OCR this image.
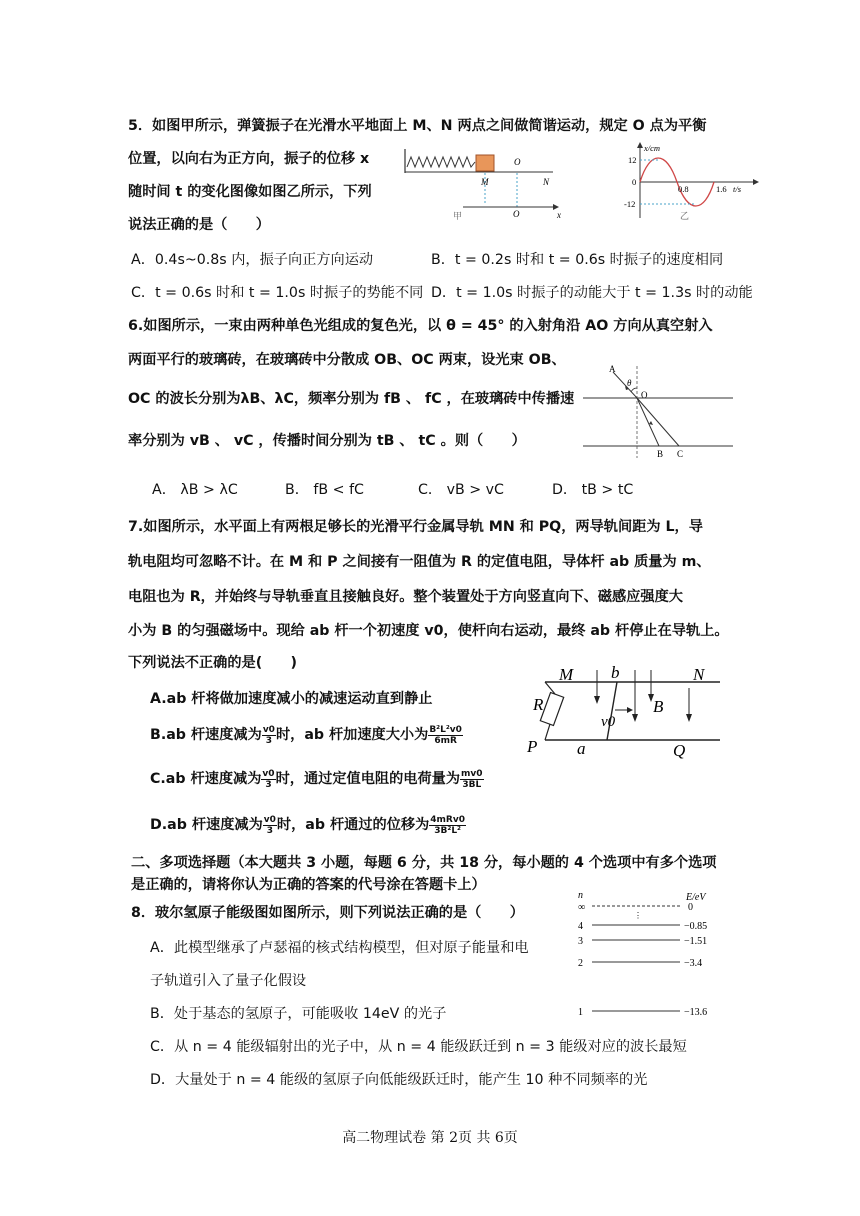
5．如图甲所示，弹簧振子在光滑水平地面上 M、N 两点之间做简谐运动，规定 O 点为平衡
位置，以向右为正方向，振子的位移 x
随时间 t 的变化图像如图乙所示，下列
说法正确的是（　　）
O
M	N
O	x
甲
x/cm
12
0
-12
0.8	1.6 t/s
乙
A．0.4s~0.8s 内，振子向正方向运动	B．t = 0.2s 时和 t = 0.6s 时振子的速度相同
C．t = 0.6s 时和 t = 1.0s 时振子的势能不同 D．t = 1.0s 时振子的动能大于 t = 1.3s 时的动能
6.如图所示，一束由两种单色光组成的复色光，以 θ = 45° 的入射角沿 AO 方向从真空射入
两面平行的玻璃砖，在玻璃砖中分散成 OB、OC 两束，设光束 OB、
OC 的波长分别为λB、λC，频率分别为 fB 、 fC ，在玻璃砖中传播速
率分别为 vB 、 vC ，传播时间分别为 tB 、 tC 。则（　　）
A
θ
O
B C
A． λB > λC	B． fB < fC	C． vB > vC	D． tB > tC
7.如图所示，水平面上有两根足够长的光滑平行金属导轨 MN 和 PQ，两导轨间距为 L，导
轨电阻均可忽略不计。在 M 和 P 之间接有一阻值为 R 的定值电阻，导体杆 ab 质量为 m、
电阻也为 R，并始终与导轨垂直且接触良好。整个装置处于方向竖直向下、磁感应强度大
小为 B 的匀强磁场中。现给 ab 杆一个初速度 v0，使杆向右运动，最终 ab 杆停止在导轨上。
下列说法不正确的是(　　)
A.ab 杆将做加速度减小的减速运动直到静止
B.ab 杆速度减为 $\frac{v0}{3}$ 时，ab 杆加速度大小为 $\frac{\text{B²L²v0}}{6mR}$
C.ab 杆速度减为 $\frac{v0}{3}$ 时，通过定值电阻的电荷量为 $\frac{mv0}{3BL}$
D.ab 杆速度减为 $\frac{v0}{3}$ 时，ab 杆通过的位移为 $\frac{\text{4mRv0}}{\text{3B²L²}}$
M b	N
R	B
v0
P a	Q
二、多项选择题（本大题共 3 小题，每题 6 分，共 18 分，每小题的 4 个选项中有多个选项
是正确的，请将你认为正确的答案的代号涂在答题卡上）
8．玻尔氢原子能级图如图所示，则下列说法正确的是（　　）
A．此模型继承了卢瑟福的核式结构模型，但对原子能量和电
子轨道引入了量子化假设
B．处于基态的氢原子，可能吸收 14eV 的光子
C．从 n = 4 能级辐射出的光子中，从 n = 4 能级跃迁到 n = 3 能级对应的波长最短
D．大量处于 n = 4 能级的氢原子向低能级跃迁时，能产生 10 种不同频率的光
n	E/eV
∞	0
⋮
4	−0.85
3	−1.51
2	−3.4
1	−13.6
高二物理试卷 第 2页 共 6页
